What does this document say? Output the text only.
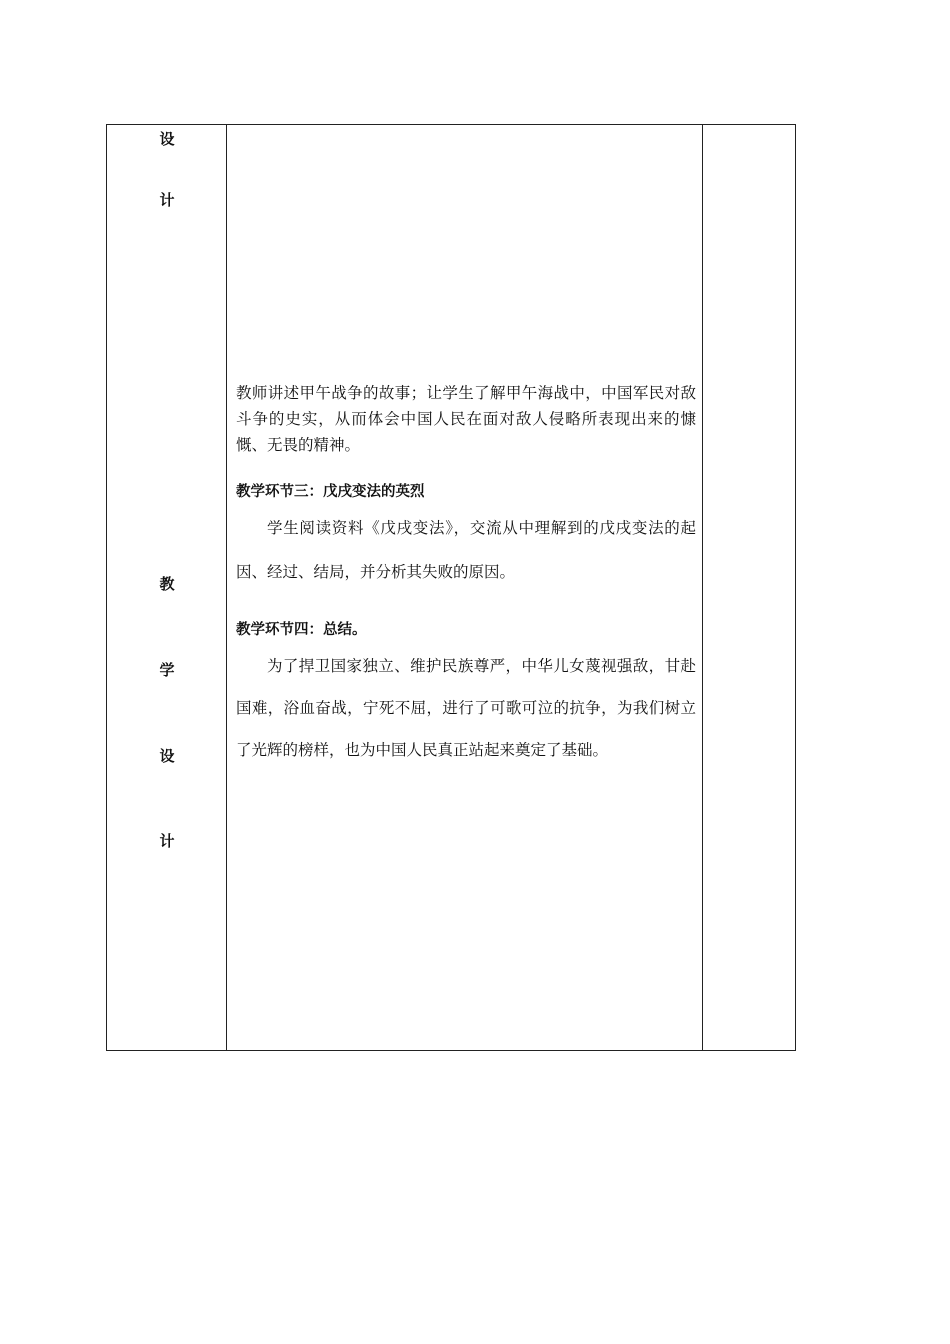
设
计
教
学
设
计

教师讲述甲午战争的故事；让学生了解甲午海战中，中国军民对敌斗争的史实，从而体会中国人民在面对敌人侵略所表现出来的慷慨、无畏的精神。

教学环节三：戊戌变法的英烈

学生阅读资料《戊戌变法》，交流从中理解到的戊戌变法的起因、经过、结局，并分析其失败的原因。

教学环节四：总结。

为了捍卫国家独立、维护民族尊严，中华儿女蔑视强敌，甘赴国难，浴血奋战，宁死不屈，进行了可歌可泣的抗争，为我们树立了光辉的榜样，也为中国人民真正站起来奠定了基础。
